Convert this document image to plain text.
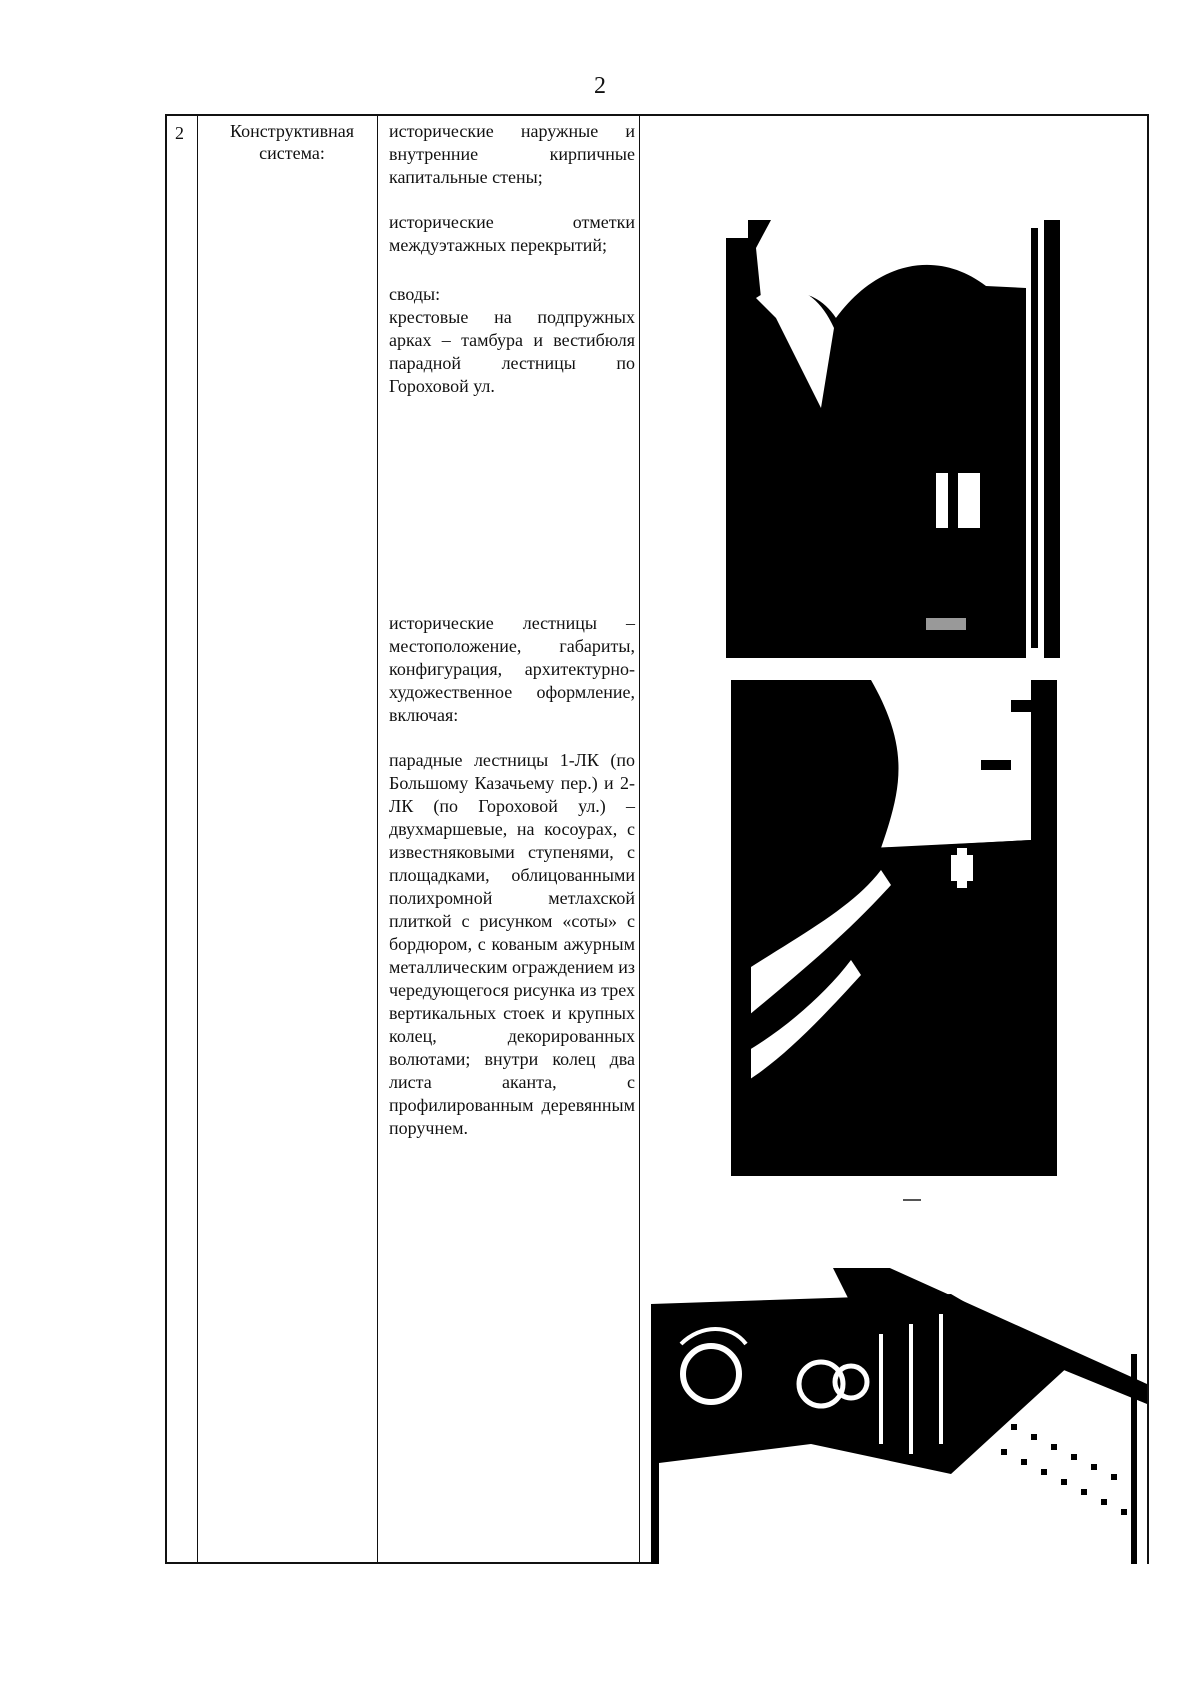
2
2	Конструктивная система:

исторические наружные и внутренние кирпичные капитальные стены;

исторические отметки междуэтажных перекрытий;

своды:

крестовые на подпружных арках – тамбура и вестибюля парадной лестницы по Гороховой ул.

исторические лестницы – местоположение, габариты, конфигурация, архитектурно-художественное оформление, включая:

парадные лестницы 1-ЛК (по Большому Казачьему пер.) и 2-ЛК (по Гороховой ул.) – двухмаршевые, на косоурах, с известняковыми ступенями, с площадками, облицованными полихромной метлахской плиткой с рисунком «соты» с бордюром, с кованым ажурным металлическим ограждением из чередующегося рисунка из трех вертикальных стоек и крупных колец, декорированных волютами; внутри колец два листа аканта, с профилированным деревянным поручнем.
